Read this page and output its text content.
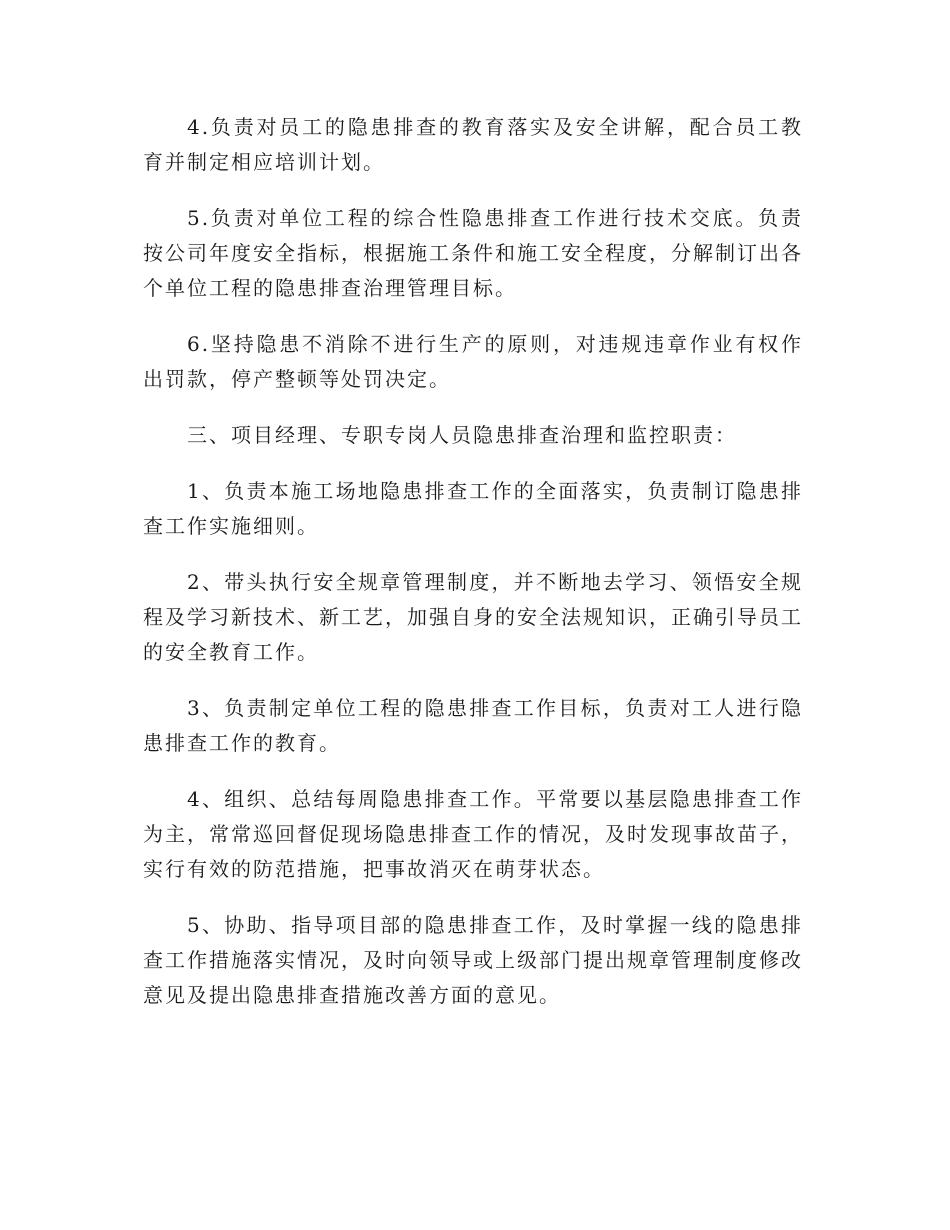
4.负责对员工的隐患排查的教育落实及安全讲解，配合员工教育并制定相应培训计划。

5.负责对单位工程的综合性隐患排查工作进行技术交底。负责按公司年度安全指标，根据施工条件和施工安全程度，分解制订出各个单位工程的隐患排查治理管理目标。

6.坚持隐患不消除不进行生产的原则，对违规违章作业有权作出罚款，停产整顿等处罚决定。

三、项目经理、专职专岗人员隐患排查治理和监控职责：

1、负责本施工场地隐患排查工作的全面落实，负责制订隐患排查工作实施细则。

2、带头执行安全规章管理制度，并不断地去学习、领悟安全规程及学习新技术、新工艺，加强自身的安全法规知识，正确引导员工的安全教育工作。

3、负责制定单位工程的隐患排查工作目标，负责对工人进行隐患排查工作的教育。

4、组织、总结每周隐患排查工作。平常要以基层隐患排查工作为主，常常巡回督促现场隐患排查工作的情况，及时发现事故苗子，实行有效的防范措施，把事故消灭在萌芽状态。

5、协助、指导项目部的隐患排查工作，及时掌握一线的隐患排查工作措施落实情况，及时向领导或上级部门提出规章管理制度修改意见及提出隐患排查措施改善方面的意见。
